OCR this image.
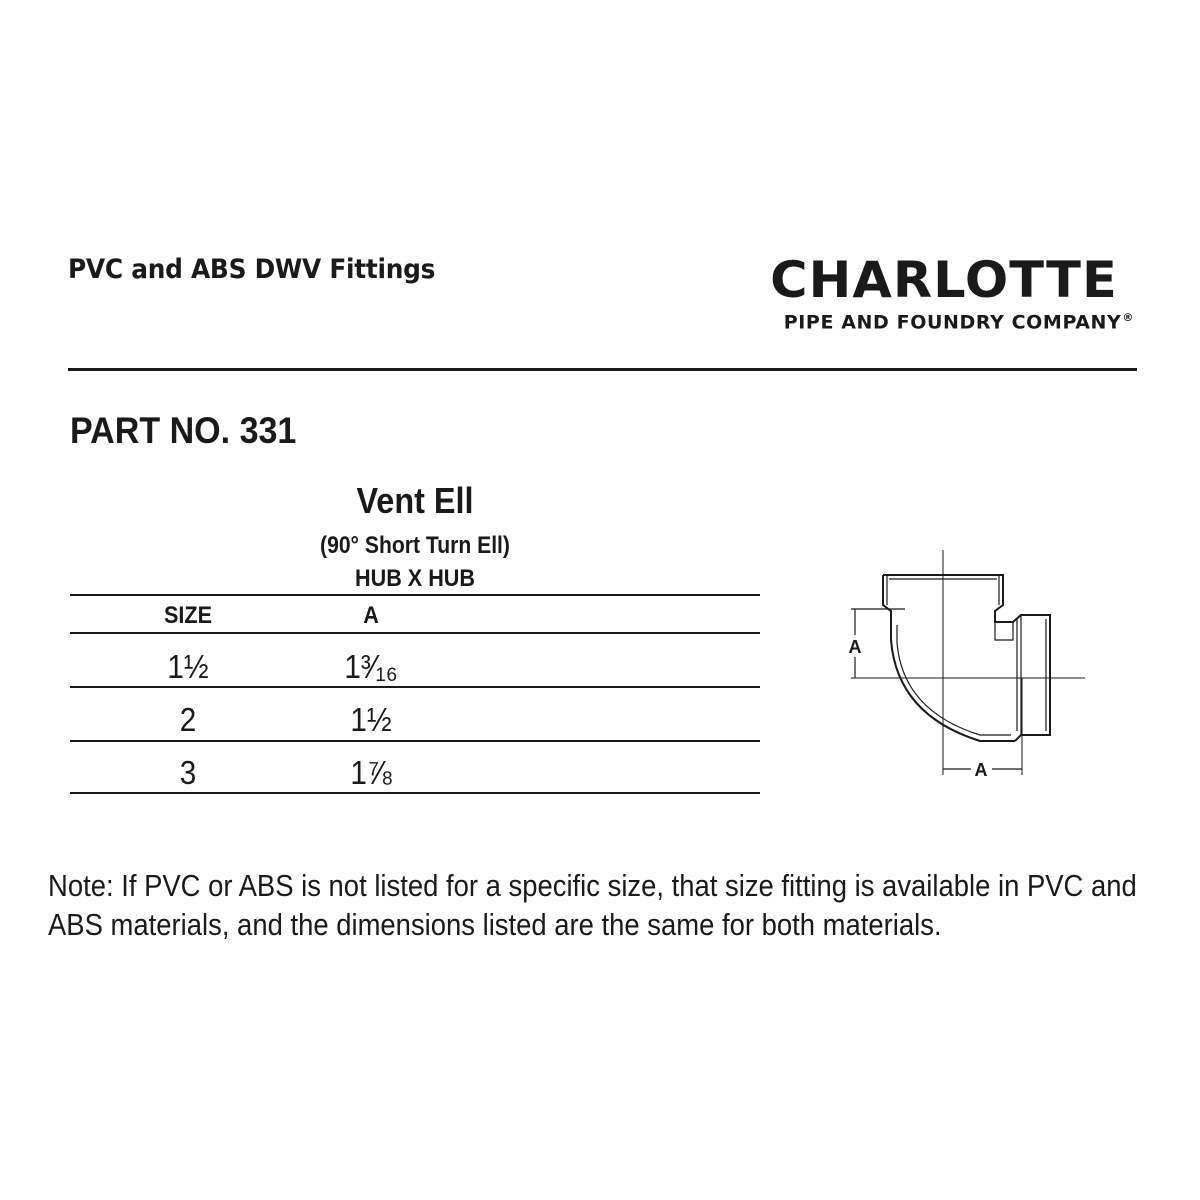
PVC and ABS DWV Fittings	CHARLOTTE
PIPE AND FOUNDRY COMPANY®
PART NO. 331
Vent Ell
(90° Short Turn Ell)
HUB X HUB
SIZE	A
1½	1³⁄₁₆
2	1½
3	1⅞
A
A
Note: If PVC or ABS is not listed for a specific size, that size fitting is available in PVC and ABS materials, and the dimensions listed are the same for both materials.
